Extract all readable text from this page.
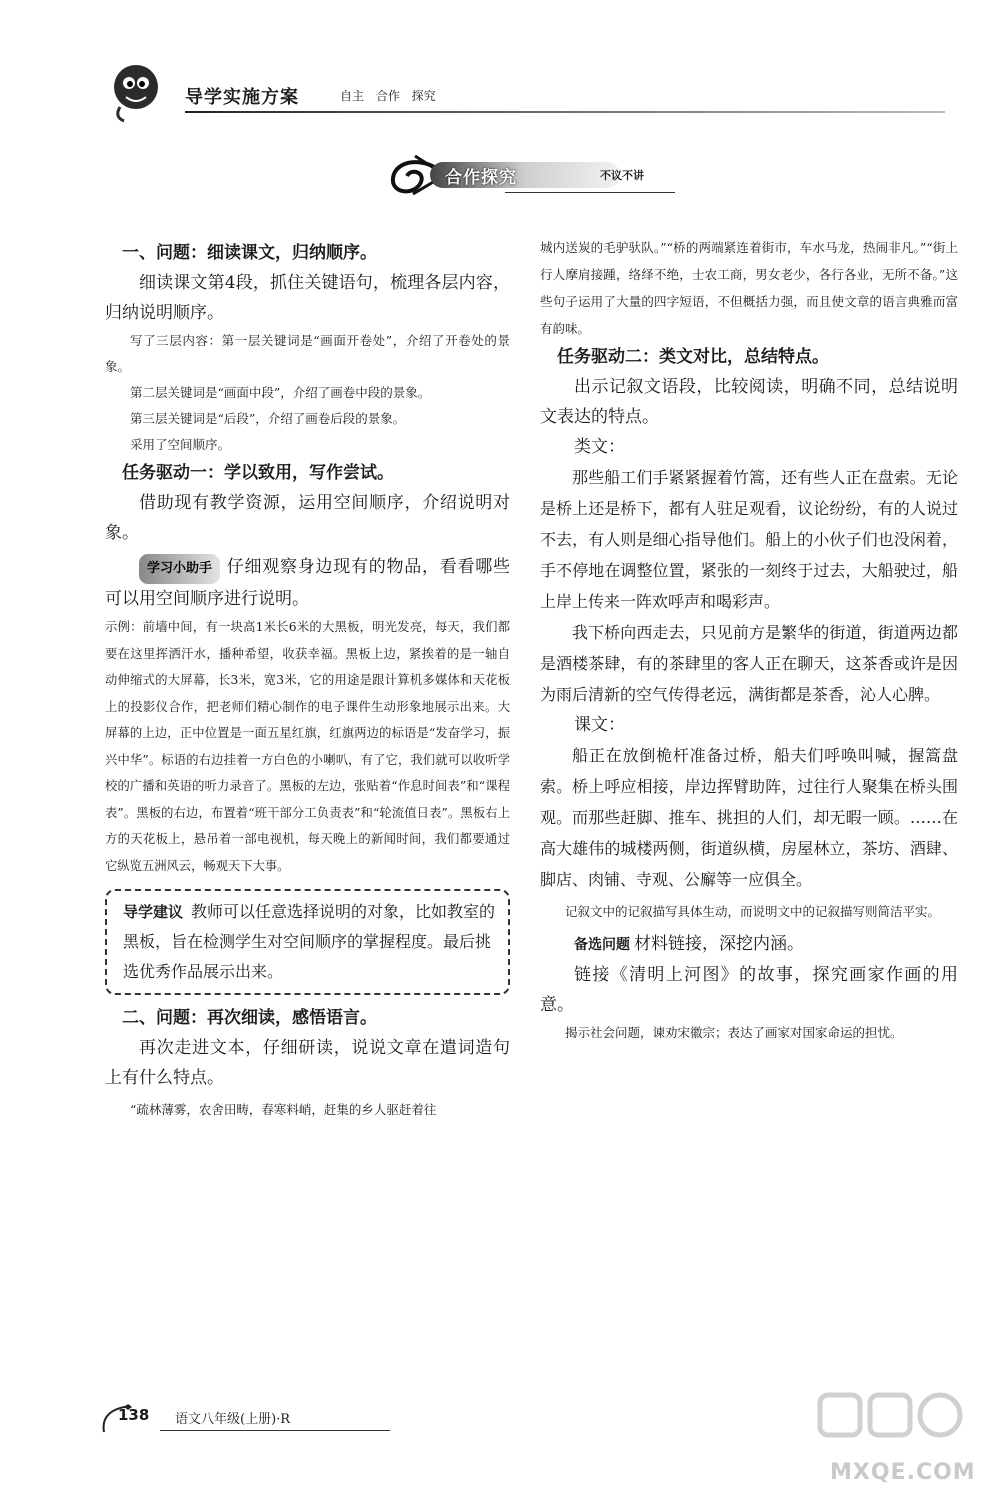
导学实施方案	自主 合作 探究
合作探究	不议不讲

一、问题：细读课文，归纳顺序。

细读课文第4段，抓住关键语句，梳理各层内容，归纳说明顺序。

写了三层内容：第一层关键词是“画面开卷处”，介绍了开卷处的景象。

第二层关键词是“画面中段”，介绍了画卷中段的景象。

第三层关键词是“后段”，介绍了画卷后段的景象。

采用了空间顺序。

任务驱动一：学以致用，写作尝试。

借助现有教学资源，运用空间顺序，介绍说明对象。

学习小助手 仔细观察身边现有的物品，看看哪些可以用空间顺序进行说明。

示例：前墙中间，有一块高1米长6米的大黑板，明光发亮，每天，我们都要在这里挥洒汗水，播种希望，收获幸福。黑板上边，紧挨着的是一轴自动伸缩式的大屏幕，长3米，宽3米，它的用途是跟计算机多媒体和天花板上的投影仪合作，把老师们精心制作的电子课件生动形象地展示出来。大屏幕的上边，正中位置是一面五星红旗，红旗两边的标语是“发奋学习，振兴中华”。标语的右边挂着一方白色的小喇叭，有了它，我们就可以收听学校的广播和英语的听力录音了。黑板的左边，张贴着“作息时间表”和“课程表”。黑板的右边，布置着“班干部分工负责表”和“轮流值日表”。黑板右上方的天花板上，悬吊着一部电视机，每天晚上的新闻时间，我们都要通过它纵览五洲风云，畅观天下大事。

导学建议 教师可以任意选择说明的对象，比如教室的黑板，旨在检测学生对空间顺序的掌握程度。最后挑选优秀作品展示出来。

二、问题：再次细读，感悟语言。

再次走进文本，仔细研读，说说文章在遣词造句上有什么特点。

“疏林薄雾，农舍田畴，春寒料峭，赶集的乡人驱赶着往

城内送炭的毛驴驮队。”“桥的两端紧连着街市，车水马龙，热闹非凡。”“街上行人摩肩接踵，络绎不绝，士农工商，男女老少，各行各业，无所不备。”这些句子运用了大量的四字短语，不但概括力强，而且使文章的语言典雅而富有韵味。

任务驱动二：类文对比，总结特点。

出示记叙文语段，比较阅读，明确不同，总结说明文表达的特点。

类文：

那些船工们手紧紧握着竹篙，还有些人正在盘索。无论是桥上还是桥下，都有人驻足观看，议论纷纷，有的人说过不去，有人则是细心指导他们。船上的小伙子们也没闲着，手不停地在调整位置，紧张的一刻终于过去，大船驶过，船上岸上传来一阵欢呼声和喝彩声。

我下桥向西走去，只见前方是繁华的街道，街道两边都是酒楼茶肆，有的茶肆里的客人正在聊天，这茶香或许是因为雨后清新的空气传得老远，满街都是茶香，沁人心脾。

课文：

船正在放倒桅杆准备过桥，船夫们呼唤叫喊，握篙盘索。桥上呼应相接，岸边挥臂助阵，过往行人聚集在桥头围观。而那些赶脚、推车、挑担的人们，却无暇一顾。……在高大雄伟的城楼两侧，街道纵横，房屋林立，茶坊、酒肆、脚店、肉铺、寺观、公廨等一应俱全。

记叙文中的记叙描写具体生动，而说明文中的记叙描写则简洁平实。

备选问题 材料链接，深挖内涵。

链接《清明上河图》的故事，探究画家作画的用意。

揭示社会问题，谏劝宋徽宗；表达了画家对国家命运的担忧。

138 语文八年级(上册)·R
MXQE.COM
